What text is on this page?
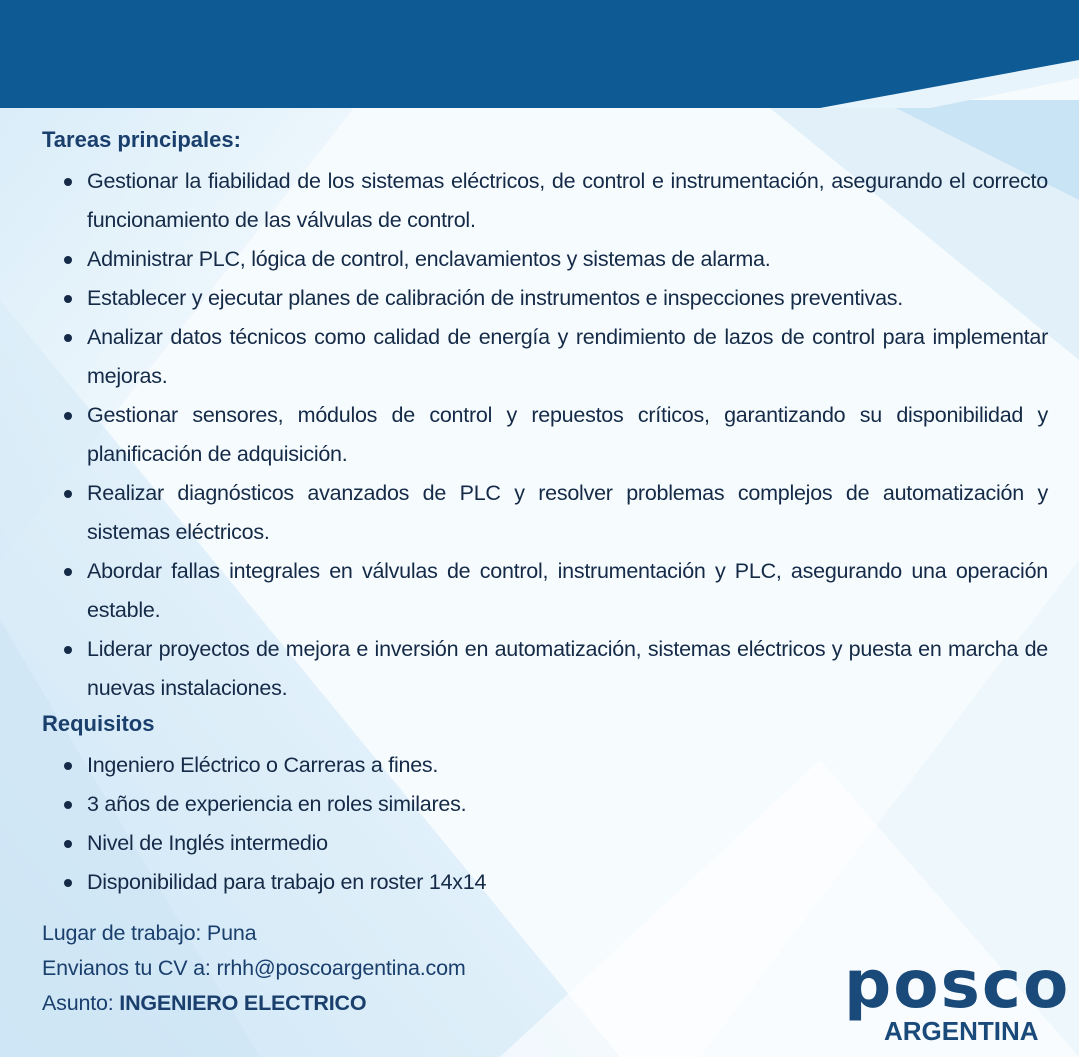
Tareas principales:
Gestionar la fiabilidad de los sistemas eléctricos, de control e instrumentación, asegurando el correcto funcionamiento de las válvulas de control.
Administrar PLC, lógica de control, enclavamientos y sistemas de alarma.
Establecer y ejecutar planes de calibración de instrumentos e inspecciones preventivas.
Analizar datos técnicos como calidad de energía y rendimiento de lazos de control para implementar mejoras.
Gestionar sensores, módulos de control y repuestos críticos, garantizando su disponibilidad y planificación de adquisición.
Realizar diagnósticos avanzados de PLC y resolver problemas complejos de automatización y sistemas eléctricos.
Abordar fallas integrales en válvulas de control, instrumentación y PLC, asegurando una operación estable.
Liderar proyectos de mejora e inversión en automatización, sistemas eléctricos y puesta en marcha de nuevas instalaciones.
Requisitos
Ingeniero Eléctrico o Carreras a fines.
3 años de experiencia en roles similares.
Nivel de Inglés intermedio
Disponibilidad para trabajo en roster 14x14
Lugar de trabajo: Puna
Envianos tu CV a: rrhh@poscoargentina.com
Asunto: INGENIERO ELECTRICO	posco
ARGENTINA
